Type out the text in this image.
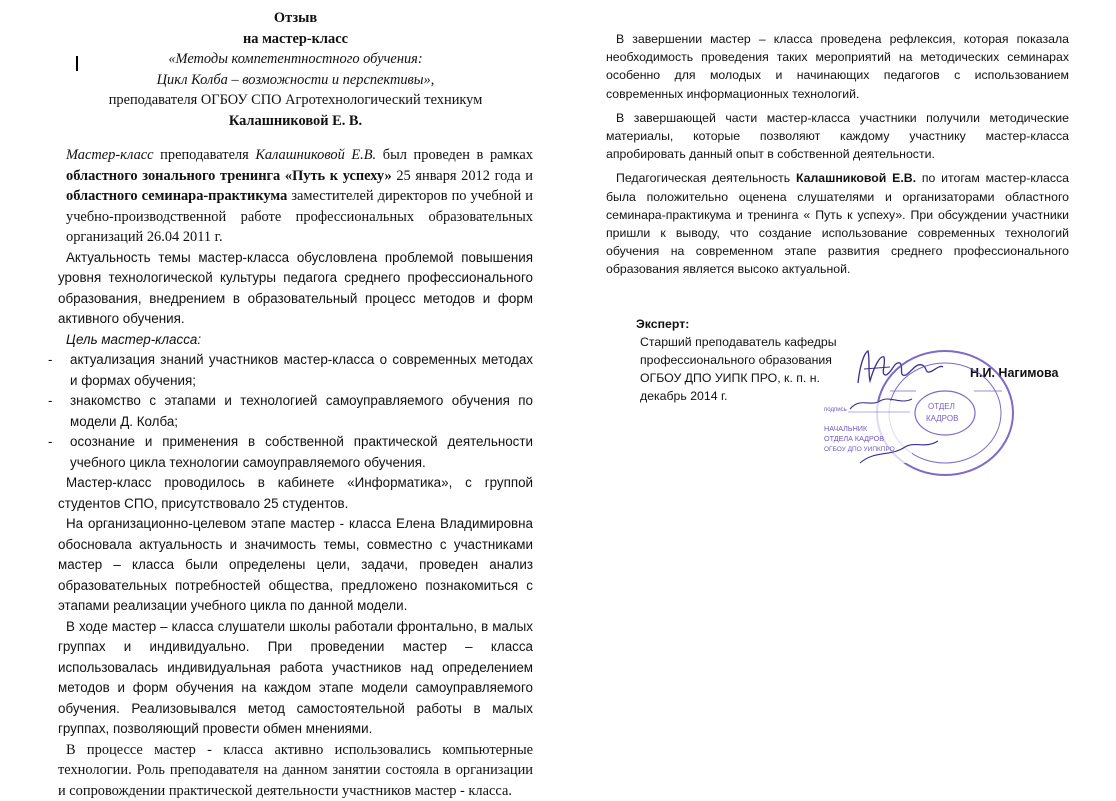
Отзыв
на мастер-класс
«Методы компетентностного обучения:
Цикл Колба – возможности и перспективы»,
преподавателя ОГБОУ СПО Агротехнологический техникум
Калашниковой Е. В.

Мастер-класс преподавателя Калашниковой Е.В. был проведен в рамках областного зонального тренинга «Путь к успеху» 25 января 2012 года и областного семинара-практикума заместителей директоров по учебной и учебно-производственной работе профессиональных образовательных организаций 26.04 2011 г.

Актуальность темы мастер-класса обусловлена проблемой повышения уровня технологической культуры педагога среднего профессионального образования, внедрением в образовательный процесс методов и форм активного обучения.

Цель мастер-класса:

- актуализация знаний участников мастер-класса о современных методах и формах обучения;
- знакомство с этапами и технологией самоуправляемого обучения по модели Д. Колба;
- осознание и применения в собственной практической деятельности учебного цикла технологии самоуправляемого обучения.

Мастер-класс проводилось в кабинете «Информатика», с группой студентов СПО, присутствовало 25 студентов.

На организационно-целевом этапе мастер - класса Елена Владимировна обосновала актуальность и значимость темы, совместно с участниками мастер – класса были определены цели, задачи, проведен анализ образовательных потребностей общества, предложено познакомиться с этапами реализации учебного цикла по данной модели.

В ходе мастер – класса слушатели школы работали фронтально, в малых группах и индивидуально. При проведении мастер – класса использовалась индивидуальная работа участников над определением методов и форм обучения на каждом этапе модели самоуправляемого обучения. Реализовывался метод самостоятельной работы в малых группах, позволяющий провести обмен мнениями.

В процессе мастер - класса активно использовались компьютерные технологии. Роль преподавателя на данном занятии состояла в организации и сопровождении практической деятельности участников мастер - класса.

В завершении мастер – класса проведена рефлексия, которая показала необходимость проведения таких мероприятий на методических семинарах особенно для молодых и начинающих педагогов с использованием современных информационных технологий.

В завершающей части мастер-класса участники получили методические материалы, которые позволяют каждому участнику мастер-класса апробировать данный опыт в собственной деятельности.

Педагогическая деятельность Калашниковой Е.В. по итогам мастер-класса была положительно оценена слушателями и организаторами областного семинара-практикума и тренинга « Путь к успеху». При обсуждении участники пришли к выводу, что создание использование современных технологий обучения на современном этапе развития среднего профессионального образования является высоко актуальной.

Эксперт:
Старший преподаватель кафедры
профессионального образования
ОГБОУ ДПО УИПК ПРО, к. п. н.
декабрь 2014 г.
Н.И. Нагимова
ОТДЕЛ
КАДРОВ
подпись
НАЧАЛЬНИК
ОТДЕЛА КАДРОВ
ОГБОУ ДПО УИПКПРО
